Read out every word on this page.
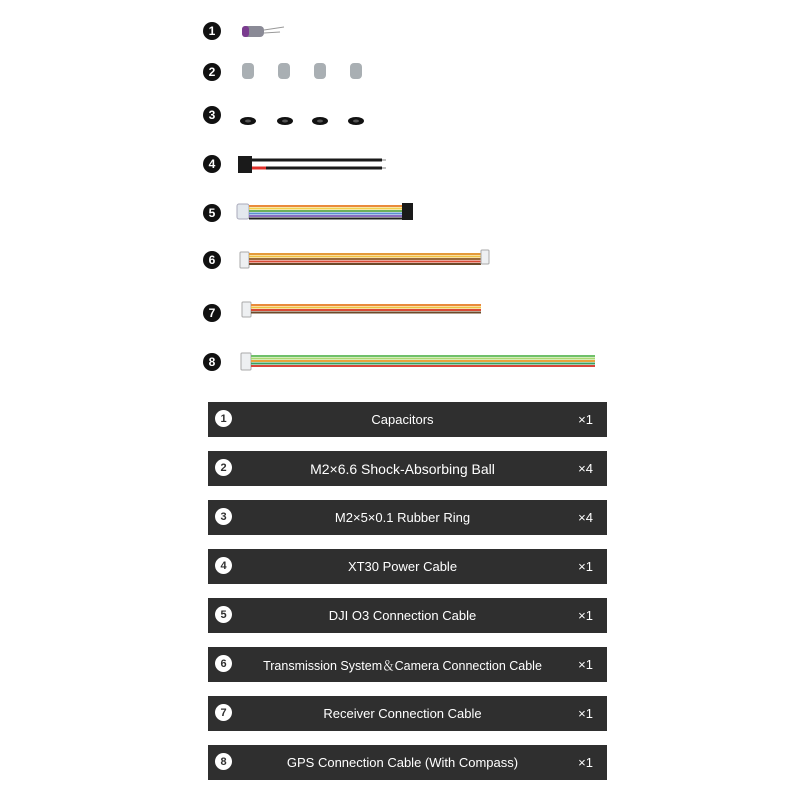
1
2
3
4
5
6
7
8
1	Capacitors	×1
2	M2×6.6 Shock-Absorbing Ball	×4
3	M2×5×0.1 Rubber Ring	×4
4	XT30 Power Cable	×1
5	DJI O3 Connection Cable	×1
6	Transmission System＆Camera Connection Cable	×1
7	Receiver Connection Cable	×1
8	GPS Connection Cable (With Compass)	×1
